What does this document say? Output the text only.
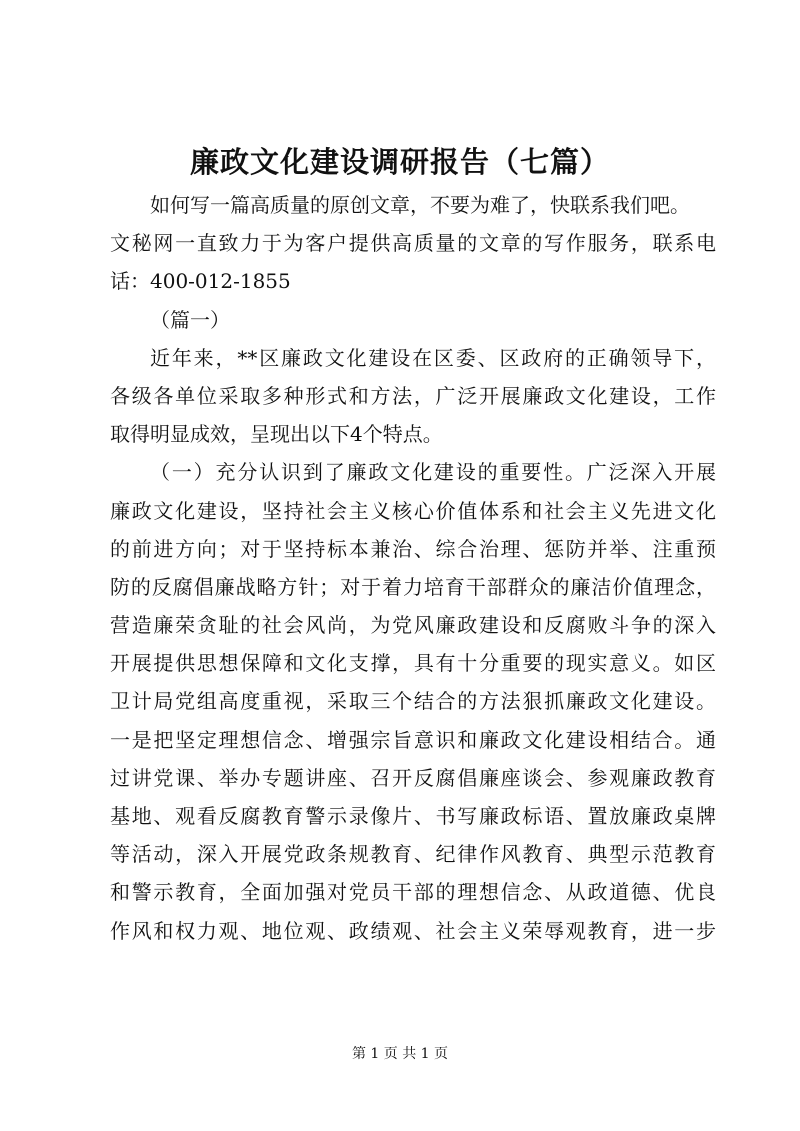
廉政文化建设调研报告（七篇）

如何写一篇高质量的原创文章，不要为难了，快联系我们吧。

文秘网一直致力于为客户提供高质量的文章的写作服务，联系电

话：400-012-1855

（篇一）

近年来，**区廉政文化建设在区委、区政府的正确领导下，

各级各单位采取多种形式和方法，广泛开展廉政文化建设，工作

取得明显成效，呈现出以下4个特点。

（一）充分认识到了廉政文化建设的重要性。广泛深入开展

廉政文化建设，坚持社会主义核心价值体系和社会主义先进文化

的前进方向；对于坚持标本兼治、综合治理、惩防并举、注重预

防的反腐倡廉战略方针；对于着力培育干部群众的廉洁价值理念，

营造廉荣贪耻的社会风尚，为党风廉政建设和反腐败斗争的深入

开展提供思想保障和文化支撑，具有十分重要的现实意义。如区

卫计局党组高度重视，采取三个结合的方法狠抓廉政文化建设。

一是把坚定理想信念、增强宗旨意识和廉政文化建设相结合。通

过讲党课、举办专题讲座、召开反腐倡廉座谈会、参观廉政教育

基地、观看反腐教育警示录像片、书写廉政标语、置放廉政桌牌

等活动，深入开展党政条规教育、纪律作风教育、典型示范教育

和警示教育，全面加强对党员干部的理想信念、从政道德、优良

作风和权力观、地位观、政绩观、社会主义荣辱观教育，进一步

第 1 页 共 1 页
